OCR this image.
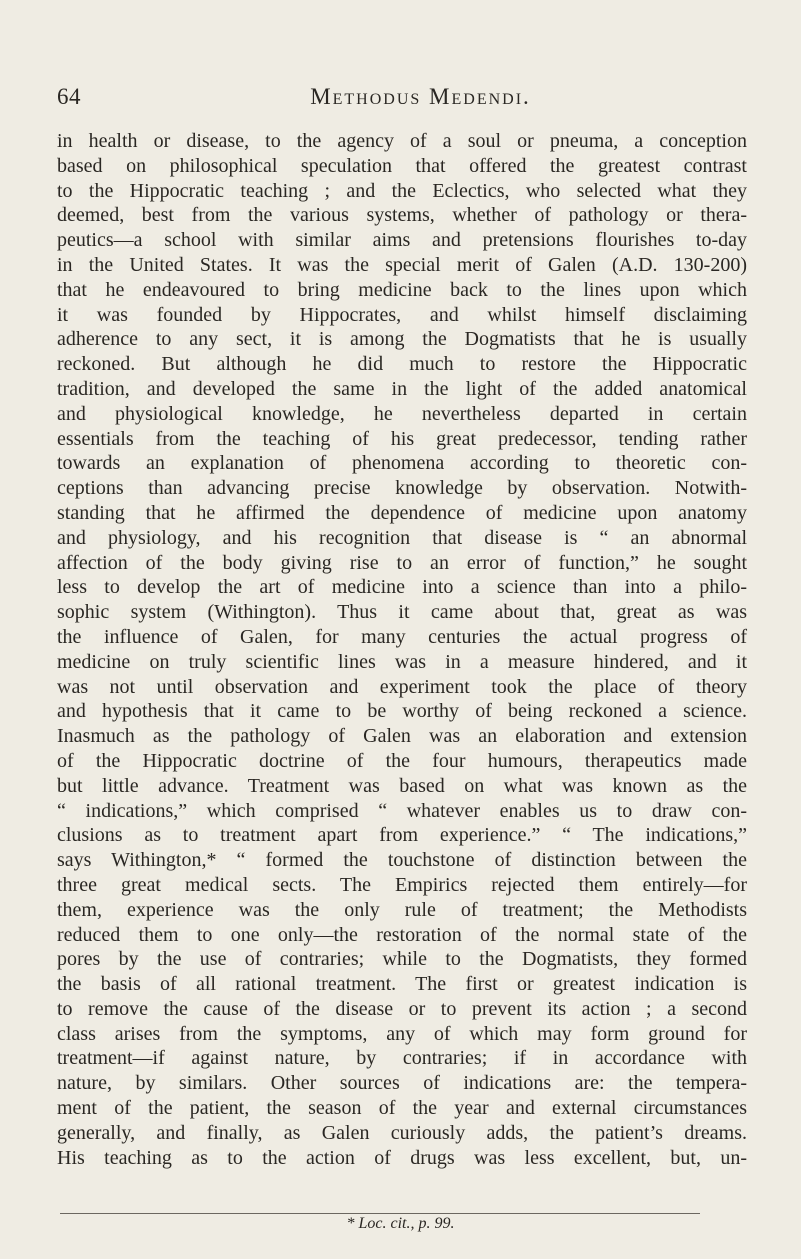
64	Methodus Medendi.
in health or disease, to the agency of a soul or pneuma, a conception
based on philosophical speculation that offered the greatest contrast
to the Hippocratic teaching ; and the Eclectics, who selected what they
deemed, best from the various systems, whether of pathology or thera-
peutics—a school with similar aims and pretensions flourishes to-day
in the United States. It was the special merit of Galen (A.D. 130-200)
that he endeavoured to bring medicine back to the lines upon which
it was founded by Hippocrates, and whilst himself disclaiming
adherence to any sect, it is among the Dogmatists that he is usually
reckoned. But although he did much to restore the Hippocratic
tradition, and developed the same in the light of the added anatomical
and physiological knowledge, he nevertheless departed in certain
essentials from the teaching of his great predecessor, tending rather
towards an explanation of phenomena according to theoretic con-
ceptions than advancing precise knowledge by observation. Notwith-
standing that he affirmed the dependence of medicine upon anatomy
and physiology, and his recognition that disease is “ an abnormal
affection of the body giving rise to an error of function,” he sought
less to develop the art of medicine into a science than into a philo-
sophic system (Withington). Thus it came about that, great as was
the influence of Galen, for many centuries the actual progress of
medicine on truly scientific lines was in a measure hindered, and it
was not until observation and experiment took the place of theory
and hypothesis that it came to be worthy of being reckoned a science.
Inasmuch as the pathology of Galen was an elaboration and extension
of the Hippocratic doctrine of the four humours, therapeutics made
but little advance. Treatment was based on what was known as the
“ indications,” which comprised “ whatever enables us to draw con-
clusions as to treatment apart from experience.” “ The indications,”
says Withington,* “ formed the touchstone of distinction between the
three great medical sects. The Empirics rejected them entirely—for
them, experience was the only rule of treatment; the Methodists
reduced them to one only—the restoration of the normal state of the
pores by the use of contraries; while to the Dogmatists, they formed
the basis of all rational treatment. The first or greatest indication is
to remove the cause of the disease or to prevent its action ; a second
class arises from the symptoms, any of which may form ground for
treatment—if against nature, by contraries; if in accordance with
nature, by similars. Other sources of indications are: the tempera-
ment of the patient, the season of the year and external circumstances
generally, and finally, as Galen curiously adds, the patient’s dreams.
His teaching as to the action of drugs was less excellent, but, un-
* Loc. cit., p. 99.
